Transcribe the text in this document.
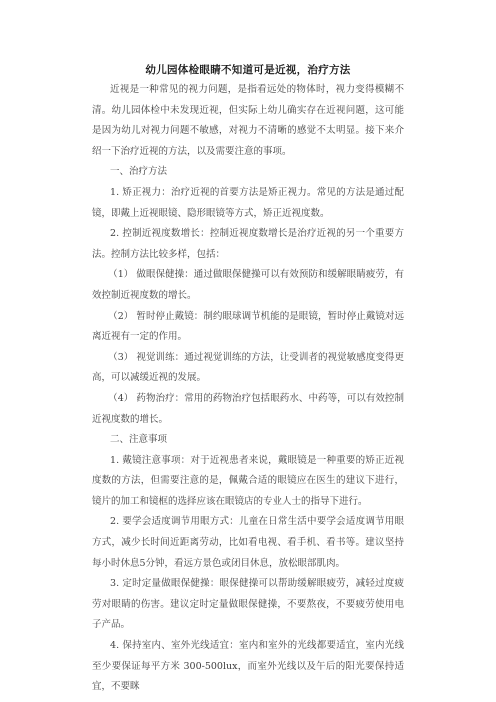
幼儿园体检眼睛不知道可是近视，治疗方法

近视是一种常见的视力问题，是指看远处的物体时，视力变得模糊不清。幼儿园体检中未发现近视，但实际上幼儿确实存在近视问题，这可能是因为幼儿对视力问题不敏感，对视力不清晰的感觉不太明显。接下来介绍一下治疗近视的方法，以及需要注意的事项。

一、治疗方法

1. 矫正视力：治疗近视的首要方法是矫正视力。常见的方法是通过配镜，即戴上近视眼镜、隐形眼镜等方式，矫正近视度数。

2. 控制近视度数增长：控制近视度数增长是治疗近视的另一个重要方法。控制方法比较多样，包括：

（1） 做眼保健操：通过做眼保健操可以有效预防和缓解眼睛疲劳，有效控制近视度数的增长。

（2） 暂时停止戴镜：制约眼球调节机能的是眼镜，暂时停止戴镜对远离近视有一定的作用。

（3） 视觉训练：通过视觉训练的方法，让受训者的视觉敏感度变得更高，可以减缓近视的发展。

（4） 药物治疗：常用的药物治疗包括眼药水、中药等，可以有效控制近视度数的增长。

二、注意事项

1. 戴镜注意事项：对于近视患者来说，戴眼镜是一种重要的矫正近视度数的方法，但需要注意的是，佩戴合适的眼镜应在医生的建议下进行，镜片的加工和镜框的选择应该在眼镜店的专业人士的指导下进行。

2. 要学会适度调节用眼方式：儿童在日常生活中要学会适度调节用眼方式，减少长时间近距离劳动，比如看电视、看手机、看书等。建议坚持每小时休息5分钟，看远方景色或闭目休息，放松眼部肌肉。

3. 定时定量做眼保健操：眼保健操可以帮助缓解眼疲劳，减轻过度疲劳对眼睛的伤害。建议定时定量做眼保健操，不要熬夜，不要疲劳使用电子产品。

4. 保持室内、室外光线适宜：室内和室外的光线都要适宜，室内光线至少要保证每平方米 300-500lux，而室外光线以及午后的阳光要保持适宜，不要眯
